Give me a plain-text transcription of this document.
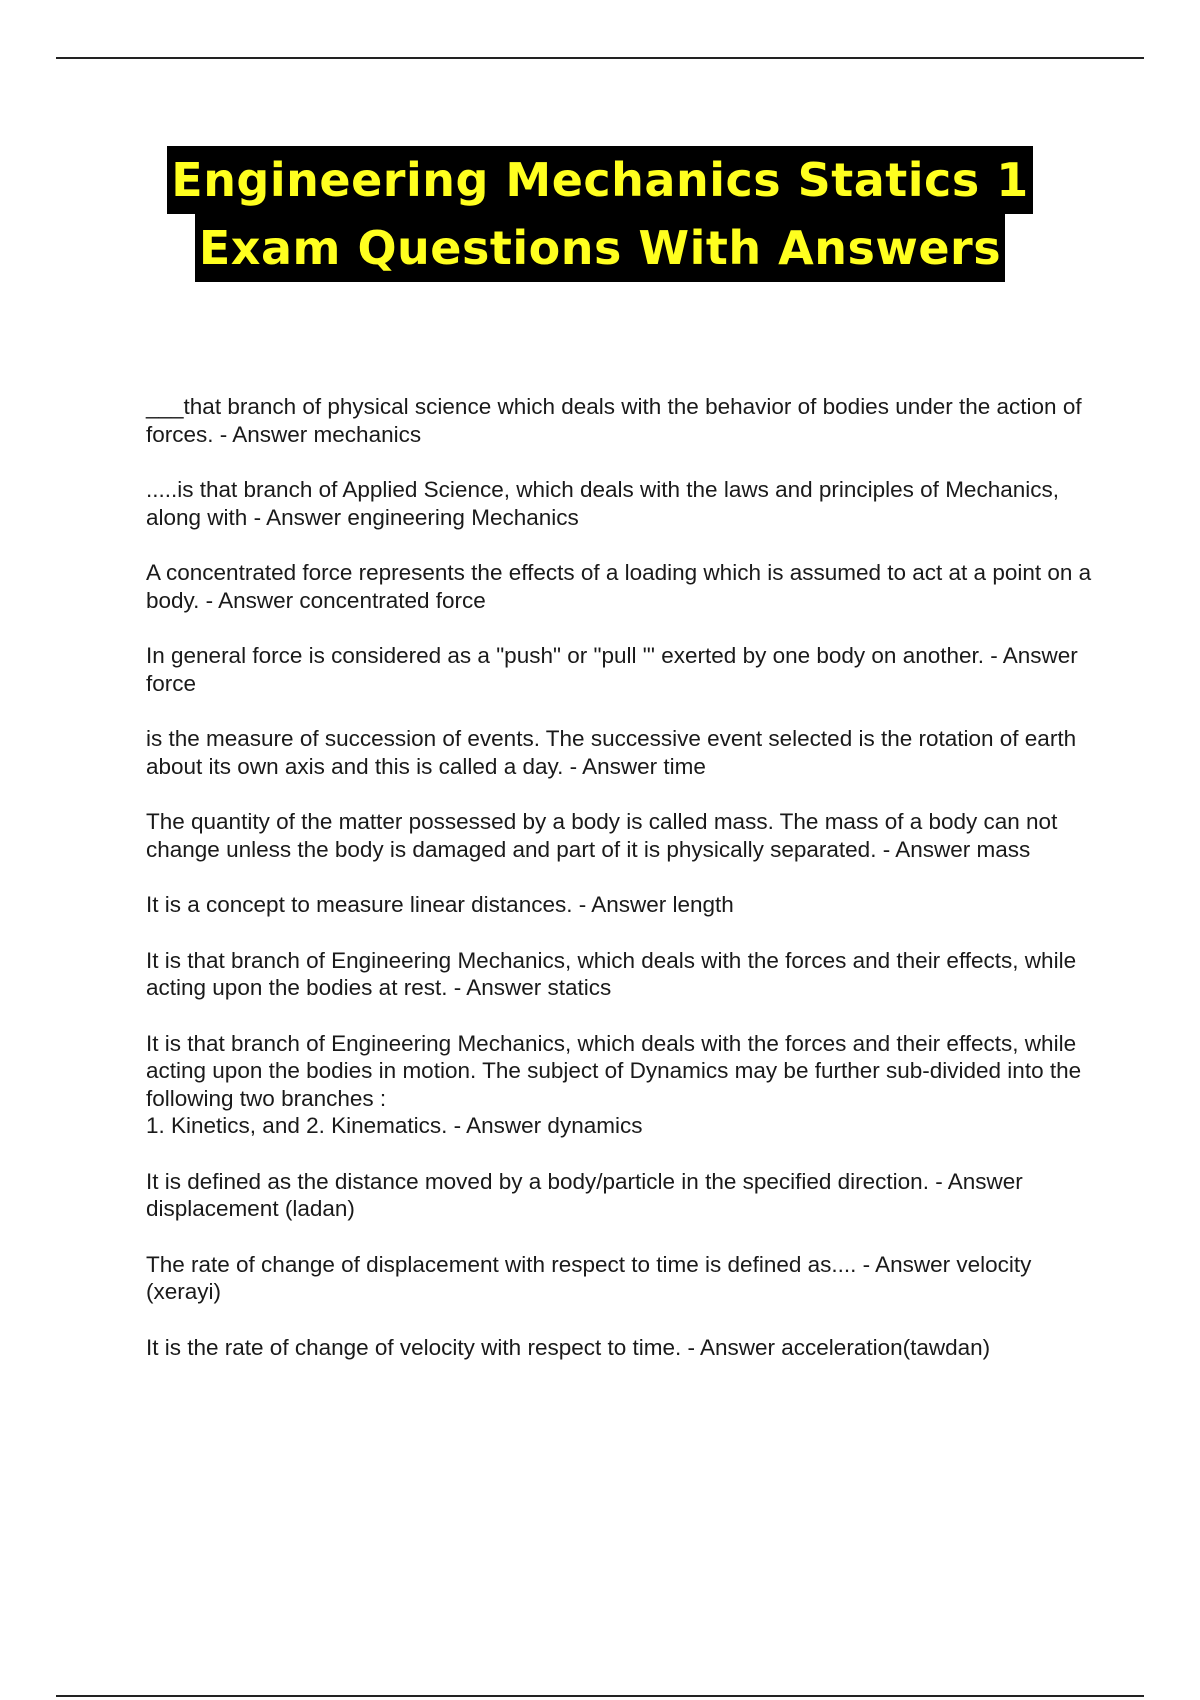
Engineering Mechanics Statics 1
Exam Questions With Answers
___that branch of physical science which deals with the behavior of bodies under the action of forces. - Answer mechanics
.....is that branch of Applied Science, which deals with the laws and principles of Mechanics, along with - Answer engineering Mechanics
A concentrated force represents the effects of a loading which is assumed to act at a point on a body. - Answer concentrated force
In general force is considered as a "push" or "pull "' exerted by one body on another. - Answer force
is the measure of succession of events. The successive event selected is the rotation of earth about its own axis and this is called a day. - Answer time
The quantity of the matter possessed by a body is called mass. The mass of a body can not change unless the body is damaged and part of it is physically separated. - Answer mass
It is a concept to measure linear distances. - Answer length
It is that branch of Engineering Mechanics, which deals with the forces and their effects, while acting upon the bodies at rest. - Answer statics
It is that branch of Engineering Mechanics, which deals with the forces and their effects, while acting upon the bodies in motion. The subject of Dynamics may be further sub-divided into the following two branches :
1. Kinetics, and 2. Kinematics. - Answer dynamics
It is defined as the distance moved by a body/particle in the specified direction. - Answer displacement (ladan)
The rate of change of displacement with respect to time is defined as.... - Answer velocity (xerayi)
It is the rate of change of velocity with respect to time. - Answer acceleration(tawdan)
